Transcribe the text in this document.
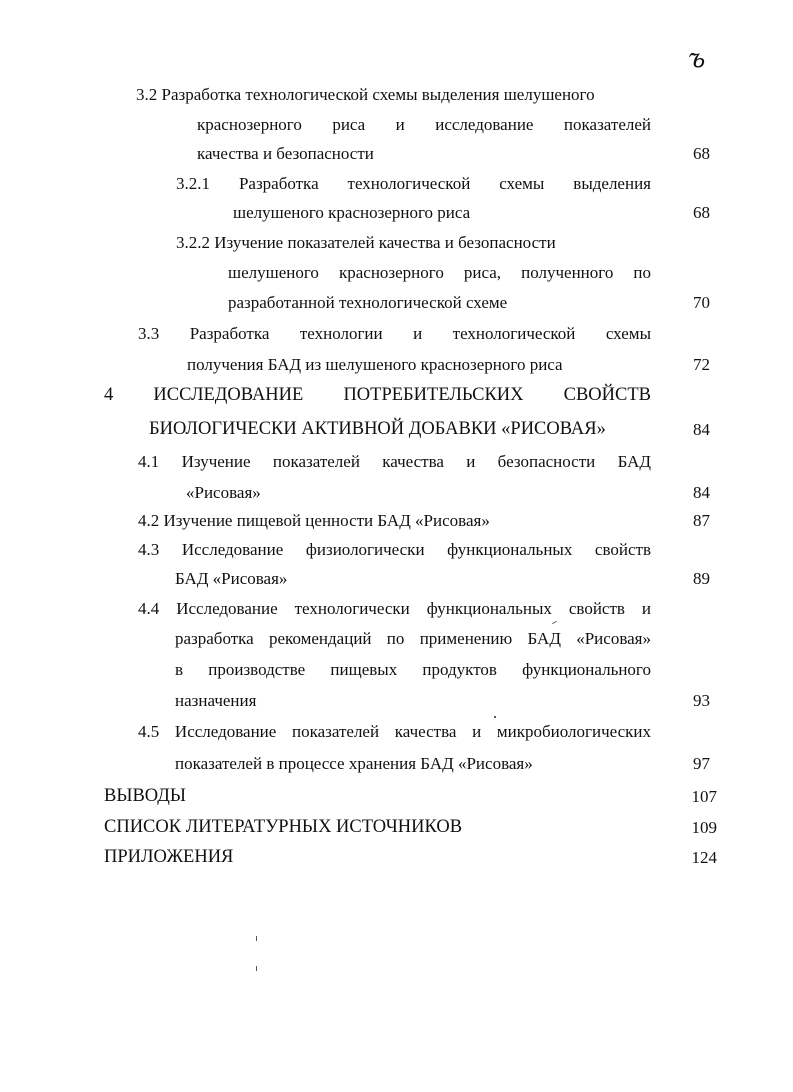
ъ
3.2 Разработка технологической схемы выделения шелушеного
краснозерного риса и исследование показателей
качества и безопасности	68
3.2.1 Разработка технологической схемы выделения
шелушеного краснозерного риса	68
3.2.2 Изучение показателей качества и безопасности
шелушеного краснозерного риса, полученного по
разработанной технологической схеме	70
3.3 Разработка технологии и технологической схемы
получения БАД из шелушеного краснозерного риса	72
4 ИССЛЕДОВАНИЕ ПОТРЕБИТЕЛЬСКИХ СВОЙСТВ
БИОЛОГИЧЕСКИ АКТИВНОЙ ДОБАВКИ «РИСОВАЯ»	84
4.1 Изучение показателей качества и безопасности БАД
«Рисовая»	84
4.2 Изучение пищевой ценности БАД «Рисовая»	87
4.3 Исследование физиологически функциональных свойств
БАД «Рисовая»	89
4.4 Исследование технологически функциональных свойств и
разработка рекомендаций по применению БАД «Рисовая»
в производстве пищевых продуктов функционального
назначения	93
4.5 Исследование показателей качества и микробиологических
показателей в процессе хранения БАД «Рисовая»	97
ВЫВОДЫ	107
СПИСОК ЛИТЕРАТУРНЫХ ИСТОЧНИКОВ	109
ПРИЛОЖЕНИЯ	124
